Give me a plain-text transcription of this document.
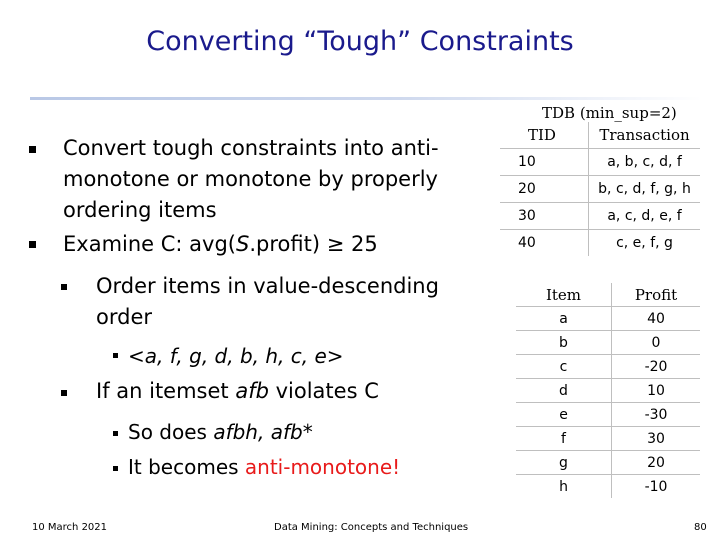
Converting “Tough” Constraints
Convert tough constraints into anti-
monotone or monotone by properly
ordering items
Examine C: avg(S.profit) ≥ 25
Order items in value-descending
order
<a, f, g, d, b, h, c, e>
If an itemset afb violates C
So does afbh, afb*
It becomes anti-monotone!
TDB (min_sup=2)
TID	Transaction
10	a, b, c, d, f
20	b, c, d, f, g, h
30	a, c, d, e, f
40	c, e, f, g
Item	Profit
a	40
b	0
c	-20
d	10
e	-30
f	30
g	20
h	-10
10 March 2021	Data Mining: Concepts and Techniques	80
